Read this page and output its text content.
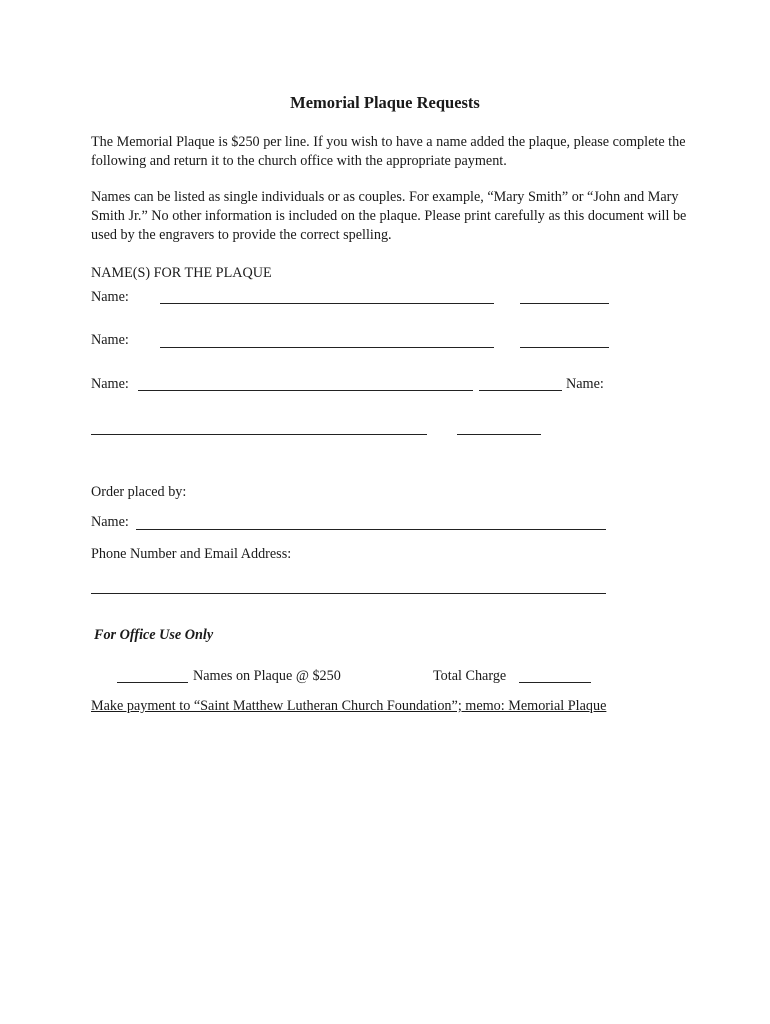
Memorial Plaque Requests
The Memorial Plaque is $250 per line. If you wish to have a name added the plaque, please complete the following and return it to the church office with the appropriate payment.
Names can be listed as single individuals or as couples. For example, “Mary Smith” or “John and Mary Smith Jr.” No other information is included on the plaque. Please print carefully as this document will be used by the engravers to provide the correct spelling.
NAME(S) FOR THE PLAQUE
Name:
Name:
Name:	Name:
Order placed by:
Name:
Phone Number and Email Address:
For Office Use Only
Names on Plaque @ $250	Total Charge
Make payment to “Saint Matthew Lutheran Church Foundation”; memo: Memorial Plaque
